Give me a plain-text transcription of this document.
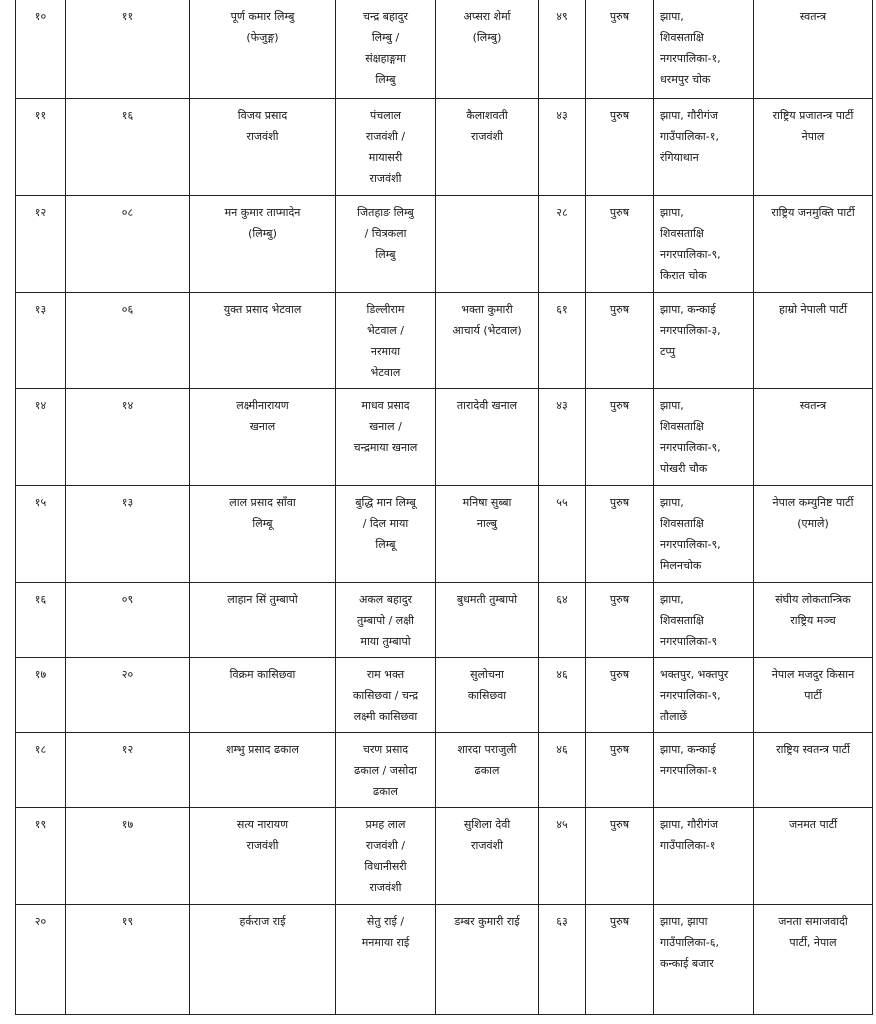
१०	११	पूर्ण कमार लिम्बु
(फेजुङ्ग)	चन्द्र बहादुर
लिम्बु /
संक्षहाङ्गमा
लिम्बु	अप्सरा शेर्मा
(लिम्बु)	४९	पुरुष	झापा,
शिवसताक्षि
नगरपालिका-१,
धरमपुर चोक	स्वतन्त्र
११	१६	विजय प्रसाद
राजवंशी	पंचलाल
राजवंशी /
मायासरी
राजवंशी	कैलाशवती
राजवंशी	४३	पुरुष	झापा, गौरीगंज
गाउँपालिका-१,
रंगियाथान	राष्ट्रिय प्रजातन्त्र पार्टी
नेपाल
१२	०८	मन कुमार ताप्मादेन
(लिम्बु)	जितहाङ लिम्बु
/ चित्रकला
लिम्बु		२८	पुरुष	झापा,
शिवसताक्षि
नगरपालिका-९,
किरात चोक	राष्ट्रिय जनमुक्ति पार्टी
१३	०६	युक्त प्रसाद भेटवाल	डिल्लीराम
भेटवाल /
नरमाया
भेटवाल	भक्ता कुमारी
आचार्य (भेटवाल)	६१	पुरुष	झापा, कन्काई
नगरपालिका-३,
टप्पु	हाम्रो नेपाली पार्टी
१४	१४	लक्ष्मीनारायण
खनाल	माधव प्रसाद
खनाल /
चन्द्रमाया खनाल	तारादेवी खनाल	४३	पुरुष	झापा,
शिवसताक्षि
नगरपालिका-९,
पोखरी चौक	स्वतन्त्र
१५	१३	लाल प्रसाद साँवा
लिम्बू	बुद्धि मान लिम्बू
/ दिल माया
लिम्बू	मनिषा सुब्बा
नाल्बु	५५	पुरुष	झापा,
शिवसताक्षि
नगरपालिका-९,
मिलनचोक	नेपाल कम्युनिष्ट पार्टी
(एमाले)
१६	०९	लाहान सिं तुम्बापो	अकल बहादुर
तुम्बापो / लक्षी
माया तुम्बापो	बुधमती तुम्बापो	६४	पुरुष	झापा,
शिवसताक्षि
नगरपालिका-९	संघीय लोकतान्त्रिक
राष्ट्रिय मञ्च
१७	२०	विक्रम कासिछवा	राम भक्त
कासिछवा / चन्द्र
लक्ष्मी कासिछवा	सुलोचना
कासिछवा	४६	पुरुष	भक्तपुर, भक्तपुर
नगरपालिका-९,
तौलाछें	नेपाल मजदुर किसान
पार्टी
१८	१२	शम्भु प्रसाद ढकाल	चरण प्रसाद
ढकाल / जसोदा
ढकाल	शारदा पराजुली
ढकाल	४६	पुरुष	झापा, कन्काई
नगरपालिका-१	राष्ट्रिय स्वतन्त्र पार्टी
१९	१७	सत्य नारायण
राजवंशी	प्रमह लाल
राजवंशी /
विधानीसरी
राजवंशी	सुशिला देवी
राजवंशी	४५	पुरुष	झापा, गौरीगंज
गाउँपालिका-१	जनमत पार्टी
२०	१९	हर्कराज राई	सेतु राई /
मनमाया राई	डम्बर कुमारी राई	६३	पुरुष	झापा, झापा
गाउँपालिका-६,
कन्काई बजार	जनता समाजवादी
पार्टी, नेपाल
